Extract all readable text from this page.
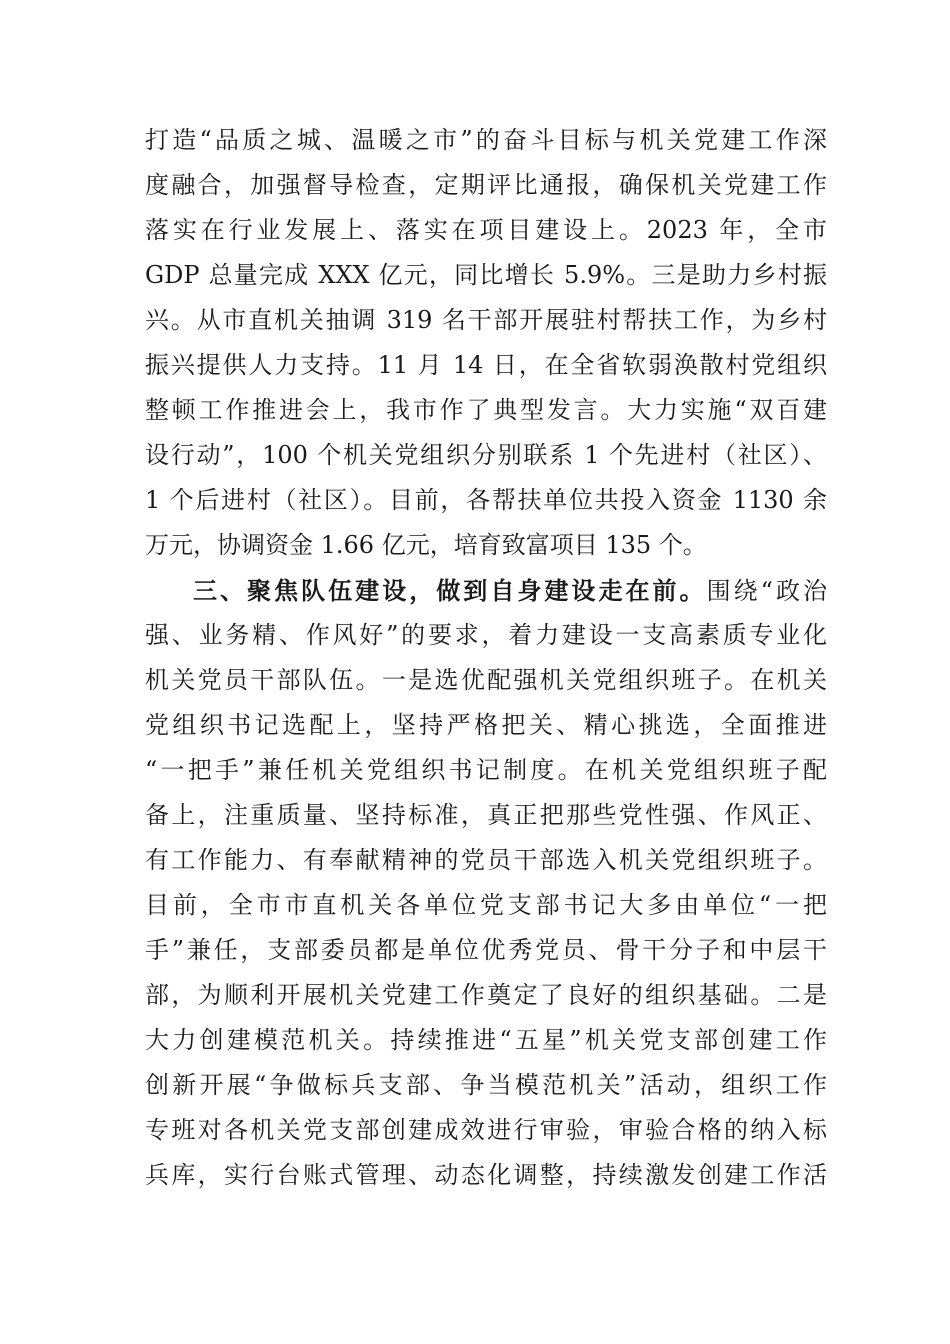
打造“品质之城、温暖之市”的奋斗目标与机关党建工作深
度融合，加强督导检查，定期评比通报，确保机关党建工作
落实在行业发展上、落实在项目建设上。2023 年，全市
GDP 总量完成 XXX 亿元，同比增长 5.9%。三是助力乡村振
兴。从市直机关抽调 319 名干部开展驻村帮扶工作，为乡村
振兴提供人力支持。11 月 14 日，在全省软弱涣散村党组织
整顿工作推进会上，我市作了典型发言。大力实施“双百建
设行动”，100 个机关党组织分别联系 1 个先进村（社区）、
1 个后进村（社区）。目前，各帮扶单位共投入资金 1130 余
万元，协调资金 1.66 亿元，培育致富项目 135 个。
三、聚焦队伍建设，做到自身建设走在前。围绕“政治
强、业务精、作风好”的要求，着力建设一支高素质专业化
机关党员干部队伍。一是选优配强机关党组织班子。在机关
党组织书记选配上，坚持严格把关、精心挑选，全面推进
“一把手”兼任机关党组织书记制度。在机关党组织班子配
备上，注重质量、坚持标准，真正把那些党性强、作风正、
有工作能力、有奉献精神的党员干部选入机关党组织班子。
目前，全市市直机关各单位党支部书记大多由单位“一把
手”兼任，支部委员都是单位优秀党员、骨干分子和中层干
部，为顺利开展机关党建工作奠定了良好的组织基础。二是
大力创建模范机关。持续推进“五星”机关党支部创建工作
创新开展“争做标兵支部、争当模范机关”活动，组织工作
专班对各机关党支部创建成效进行审验，审验合格的纳入标
兵库，实行台账式管理、动态化调整，持续激发创建工作活
